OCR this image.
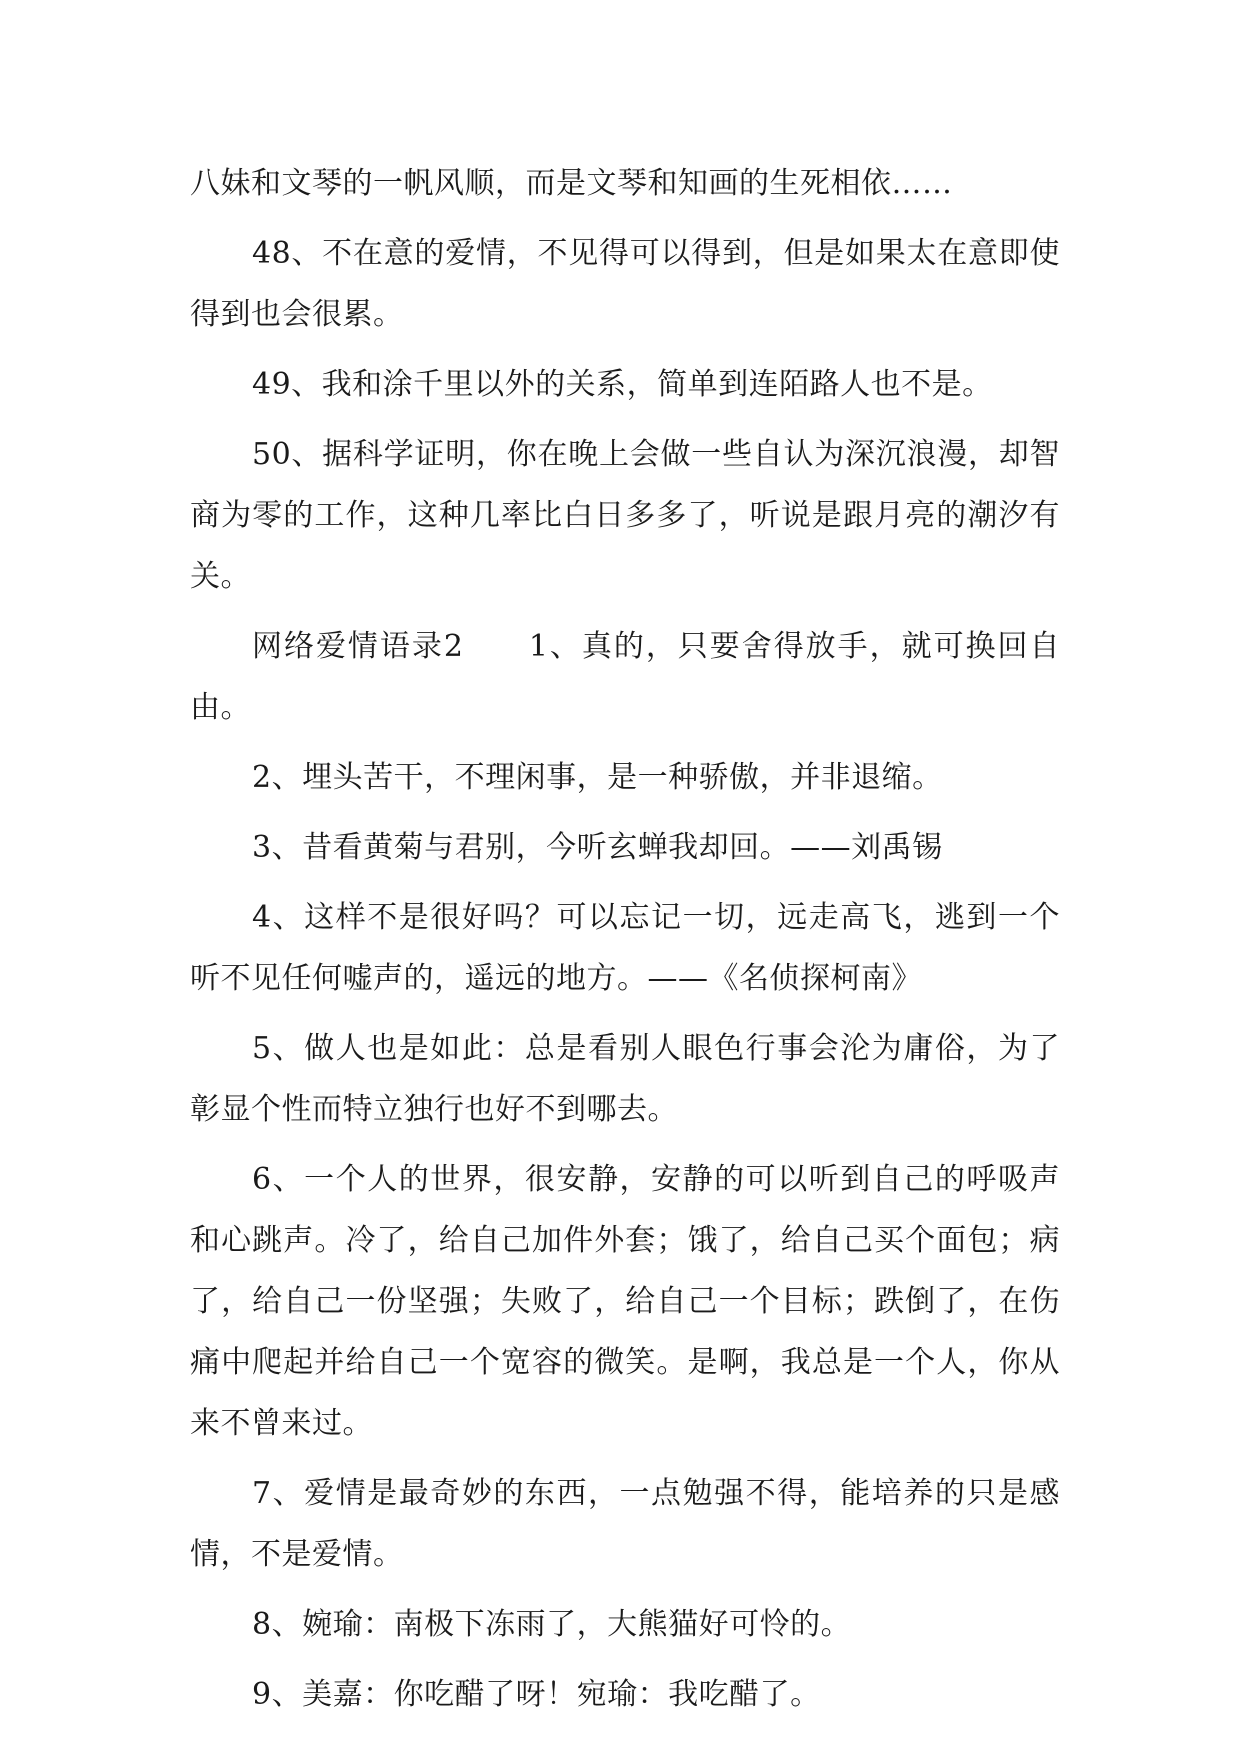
八妹和文琴的一帆风顺，而是文琴和知画的生死相依……

48、不在意的爱情，不见得可以得到，但是如果太在意即使得到也会很累。

49、我和涂千里以外的关系，简单到连陌路人也不是。

50、据科学证明，你在晚上会做一些自认为深沉浪漫，却智商为零的工作，这种几率比白日多多了，听说是跟月亮的潮汐有关。

网络爱情语录2　　1、真的，只要舍得放手，就可换回自由。

2、埋头苦干，不理闲事，是一种骄傲，并非退缩。

3、昔看黄菊与君别，今听玄蝉我却回。——刘禹锡

4、这样不是很好吗？可以忘记一切，远走高飞，逃到一个听不见任何嘘声的，遥远的地方。——《名侦探柯南》

5、做人也是如此：总是看别人眼色行事会沦为庸俗，为了彰显个性而特立独行也好不到哪去。

6、一个人的世界，很安静，安静的可以听到自己的呼吸声和心跳声。冷了，给自己加件外套；饿了，给自己买个面包；病了，给自己一份坚强；失败了，给自己一个目标；跌倒了，在伤痛中爬起并给自己一个宽容的微笑。是啊，我总是一个人，你从来不曾来过。

7、爱情是最奇妙的东西，一点勉强不得，能培养的只是感情，不是爱情。

8、婉瑜：南极下冻雨了，大熊猫好可怜的。

9、美嘉：你吃醋了呀！宛瑜：我吃醋了。
